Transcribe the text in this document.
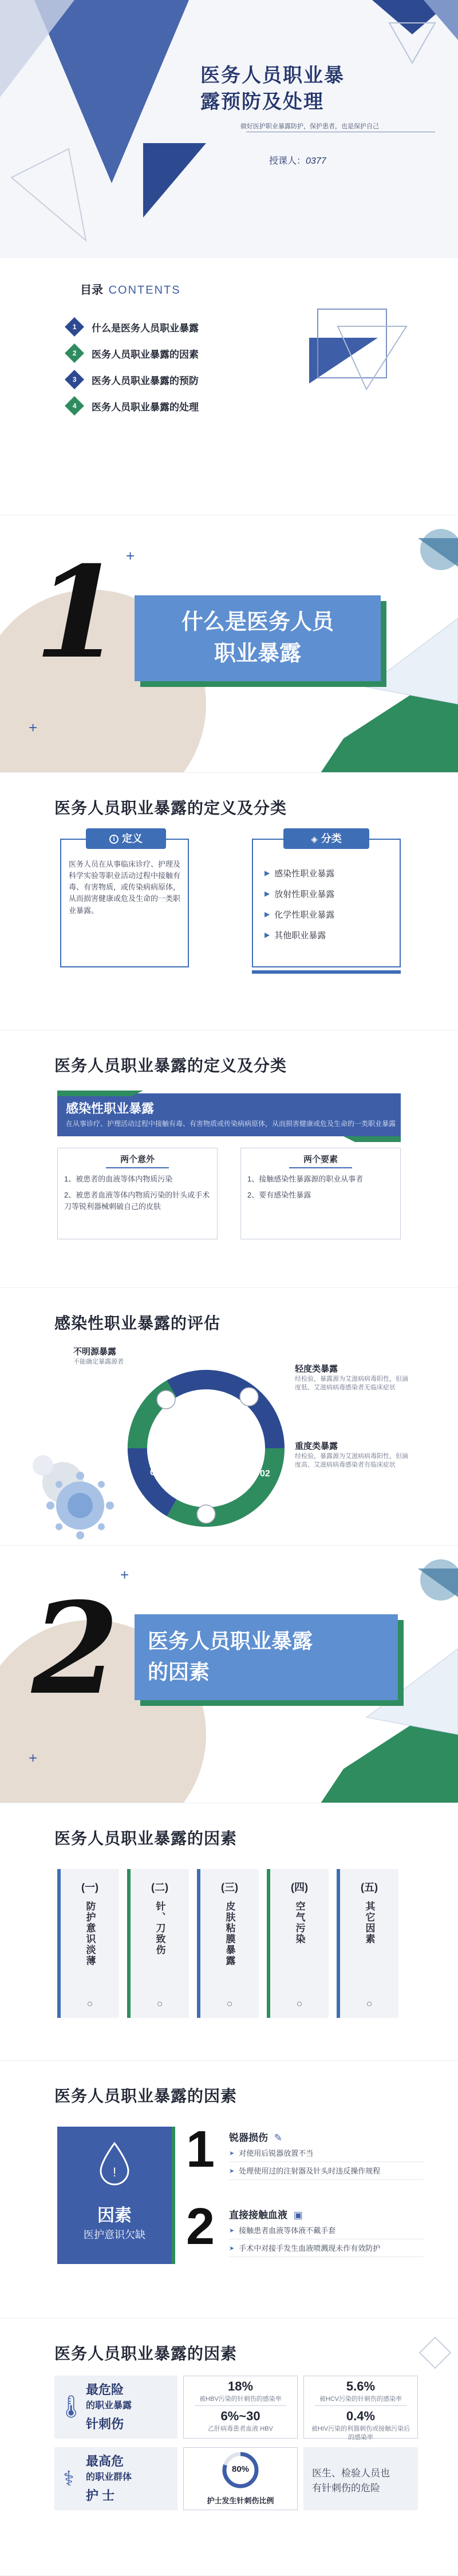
医务人员职业暴
露预防及处理
做好医护职业暴露防护，保护患者，也是保护自己
授课人：0377
目录 CONTENTS
1 什么是医务人员职业暴露
2 医务人员职业暴露的因素
3 医务人员职业暴露的预防
4 医务人员职业暴露的处理
+
+
1	什么是医务人员
职业暴露
医务人员职业暴露的定义及分类
i 定义
医务人员在从事临床诊疗、护理及科学实验等职业活动过程中接触有毒、有害物质，或传染病病原体，从而损害健康或危及生命的一类职业暴露。
◈ 分类
▶ 感染性职业暴露
▶ 放射性职业暴露
▶ 化学性职业暴露
▶ 其他职业暴露
医务人员职业暴露的定义及分类
感染性职业暴露
在从事诊疗、护理活动过程中接触有毒、有害物质或传染病病原体，从而损害健康或危及生命的一类职业暴露
两个意外
1、被患者的血液等体内物质污染
2、被患者血液等体内物质污染的针头或手术刀等锐利器械刺破自己的皮肤
两个要素
1、接触感染性暴露源的职业从事者
2、要有感染性暴露
感染性职业暴露的评估
01
02
03
不明源暴露
不能确定暴露源者
轻度类暴露
经检验，暴露源为艾滋病病毒阳性，但滴度低、艾滋病病毒感染者无临床症状
重度类暴露
经检验，暴露源为艾滋病病毒阳性，但滴度高、艾滋病病毒感染者有临床症状
+
+
2 医务人员职业暴露
的因素
医务人员职业暴露的因素
(一)
防护意识淡薄
○
(二)
针、刀致伤
○
(三)
皮肤粘膜暴露
○
(四)
空气污染
○
(五)
其它因素
○
医务人员职业暴露的因素
!
因素
医护意识欠缺
1 锐器损伤 ✎
➤ 对使用后锐器放置不当
➤ 处理使用过的注射器及针头时违反操作规程
2 直接接触血液 ▣
➤ 接触患者血液等体液不戴手套
➤ 手术中对接手发生血液喷溅现未作有效防护
医务人员职业暴露的因素
🌡
最危险
的职业暴露
针刺伤
18%
被HBV污染的针刺伤的感染率
6%~30
乙肝病毒患者血液 HBV
5.6%
被HCV污染的针刺伤的感染率
0.4%
被HIV污染的利器刺伤或接触污染后的感染率
⚕
最高危
的职业群体
护 士
80%
护士发生针刺伤比例
医生、检验人员也
有针刺伤的危险
